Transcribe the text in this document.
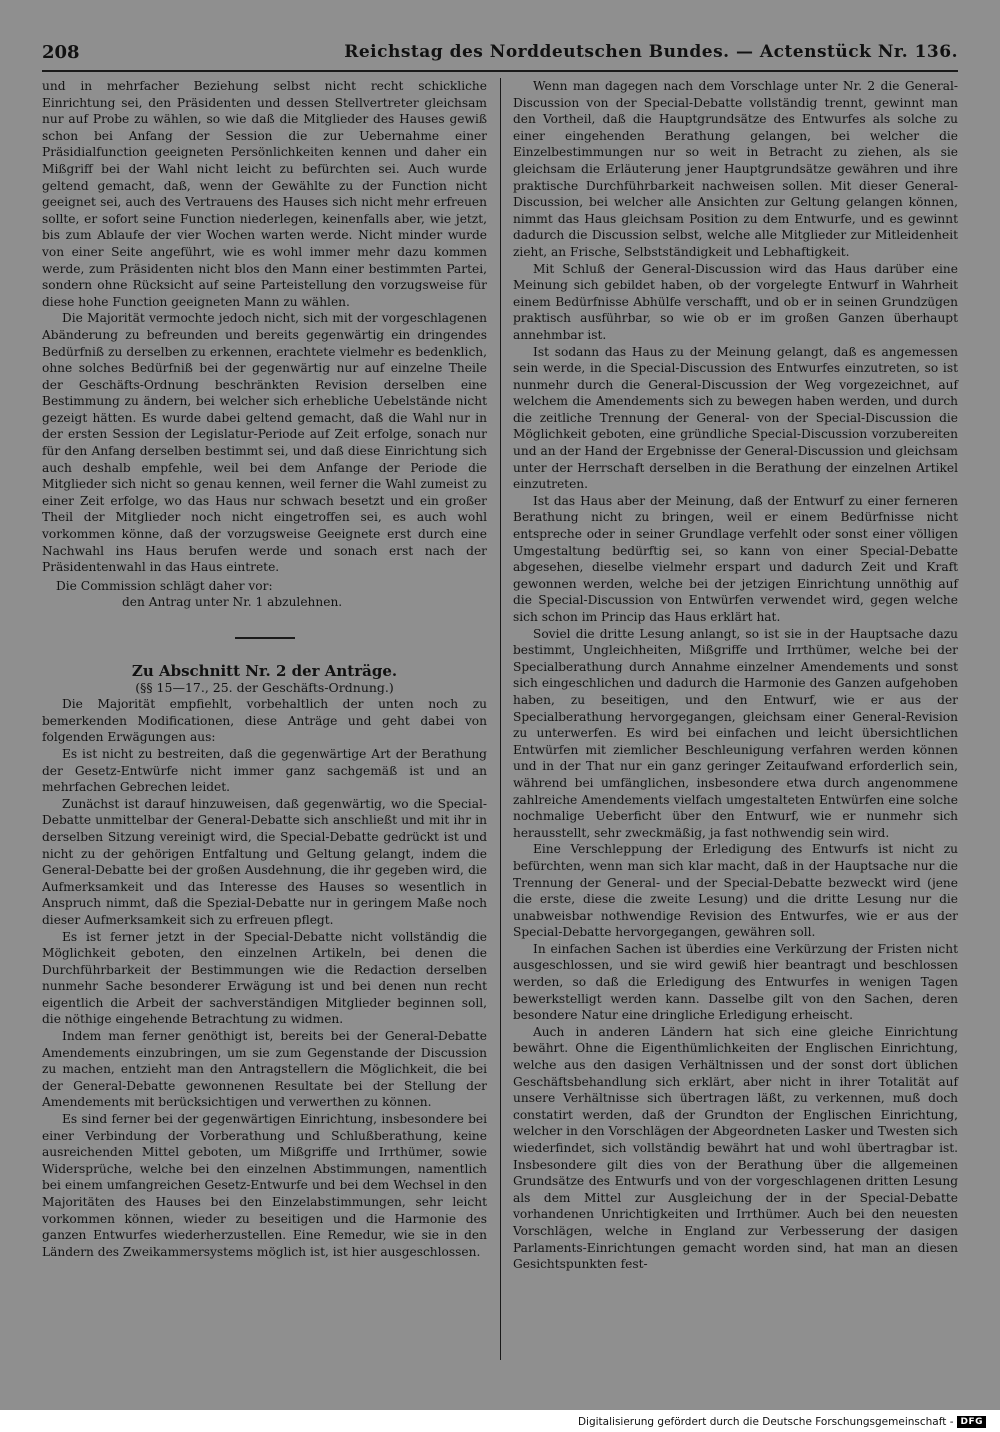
208	Reichstag des Norddeutschen Bundes. — Actenstück Nr. 136.

und in mehrfacher Beziehung selbst nicht recht schickliche Einrichtung sei, den Präsidenten und dessen Stellvertreter gleichsam nur auf Probe zu wählen, so wie daß die Mitglieder des Hauses gewiß schon bei Anfang der Session die zur Uebernahme einer Präsidialfunction geeigneten Persönlichkeiten kennen und daher ein Mißgriff bei der Wahl nicht leicht zu befürchten sei. Auch wurde geltend gemacht, daß, wenn der Gewählte zu der Function nicht geeignet sei, auch des Vertrauens des Hauses sich nicht mehr erfreuen sollte, er sofort seine Function niederlegen, keinenfalls aber, wie jetzt, bis zum Ablaufe der vier Wochen warten werde. Nicht minder wurde von einer Seite angeführt, wie es wohl immer mehr dazu kommen werde, zum Präsidenten nicht blos den Mann einer bestimmten Partei, sondern ohne Rücksicht auf seine Parteistellung den vorzugsweise für diese hohe Function geeigneten Mann zu wählen.

Die Majorität vermochte jedoch nicht, sich mit der vorgeschlagenen Abänderung zu befreunden und bereits gegenwärtig ein dringendes Bedürfniß zu derselben zu erkennen, erachtete vielmehr es bedenklich, ohne solches Bedürfniß bei der gegenwärtig nur auf einzelne Theile der Geschäfts-Ordnung beschränkten Revision derselben eine Bestimmung zu ändern, bei welcher sich erhebliche Uebelstände nicht gezeigt hätten. Es wurde dabei geltend gemacht, daß die Wahl nur in der ersten Session der Legislatur-Periode auf Zeit erfolge, sonach nur für den Anfang derselben bestimmt sei, und daß diese Einrichtung sich auch deshalb empfehle, weil bei dem Anfange der Periode die Mitglieder sich nicht so genau kennen, weil ferner die Wahl zumeist zu einer Zeit erfolge, wo das Haus nur schwach besetzt und ein großer Theil der Mitglieder noch nicht eingetroffen sei, es auch wohl vorkommen könne, daß der vorzugsweise Geeignete erst durch eine Nachwahl ins Haus berufen werde und sonach erst nach der Präsidentenwahl in das Haus eintrete.

Die Commission schlägt daher vor:

den Antrag unter Nr. 1 abzulehnen.

Zu Abschnitt Nr. 2 der Anträge.

(§§ 15—17., 25. der Geschäfts-Ordnung.)

Die Majorität empfiehlt, vorbehaltlich der unten noch zu bemerkenden Modificationen, diese Anträge und geht dabei von folgenden Erwägungen aus:

Es ist nicht zu bestreiten, daß die gegenwärtige Art der Berathung der Gesetz-Entwürfe nicht immer ganz sachgemäß ist und an mehrfachen Gebrechen leidet.

Zunächst ist darauf hinzuweisen, daß gegenwärtig, wo die Special-Debatte unmittelbar der General-Debatte sich anschließt und mit ihr in derselben Sitzung vereinigt wird, die Special-Debatte gedrückt ist und nicht zu der gehörigen Entfaltung und Geltung gelangt, indem die General-Debatte bei der großen Ausdehnung, die ihr gegeben wird, die Aufmerksamkeit und das Interesse des Hauses so wesentlich in Anspruch nimmt, daß die Spezial-Debatte nur in geringem Maße noch dieser Aufmerksamkeit sich zu erfreuen pflegt.

Es ist ferner jetzt in der Special-Debatte nicht vollständig die Möglichkeit geboten, den einzelnen Artikeln, bei denen die Durchführbarkeit der Bestimmungen wie die Redaction derselben nunmehr Sache besonderer Erwägung ist und bei denen nun recht eigentlich die Arbeit der sachverständigen Mitglieder beginnen soll, die nöthige eingehende Betrachtung zu widmen.

Indem man ferner genöthigt ist, bereits bei der General-Debatte Amendements einzubringen, um sie zum Gegenstande der Discussion zu machen, entzieht man den Antragstellern die Möglichkeit, die bei der General-Debatte gewonnenen Resultate bei der Stellung der Amendements mit berücksichtigen und verwerthen zu können.

Es sind ferner bei der gegenwärtigen Einrichtung, insbesondere bei einer Verbindung der Vorberathung und Schlußberathung, keine ausreichenden Mittel geboten, um Mißgriffe und Irrthümer, sowie Widersprüche, welche bei den einzelnen Abstimmungen, namentlich bei einem umfangreichen Gesetz-Entwurfe und bei dem Wechsel in den Majoritäten des Hauses bei den Einzelabstimmungen, sehr leicht vorkommen können, wieder zu beseitigen und die Harmonie des ganzen Entwurfes wiederherzustellen. Eine Remedur, wie sie in den Ländern des Zweikammersystems möglich ist, ist hier ausgeschlossen.

Wenn man dagegen nach dem Vorschlage unter Nr. 2 die General-Discussion von der Special-Debatte vollständig trennt, gewinnt man den Vortheil, daß die Hauptgrundsätze des Entwurfes als solche zu einer eingehenden Berathung gelangen, bei welcher die Einzelbestimmungen nur so weit in Betracht zu ziehen, als sie gleichsam die Erläuterung jener Hauptgrundsätze gewähren und ihre praktische Durchführbarkeit nachweisen sollen. Mit dieser General-Discussion, bei welcher alle Ansichten zur Geltung gelangen können, nimmt das Haus gleichsam Position zu dem Entwurfe, und es gewinnt dadurch die Discussion selbst, welche alle Mitglieder zur Mitleidenheit zieht, an Frische, Selbstständigkeit und Lebhaftigkeit.

Mit Schluß der General-Discussion wird das Haus darüber eine Meinung sich gebildet haben, ob der vorgelegte Entwurf in Wahrheit einem Bedürfnisse Abhülfe verschafft, und ob er in seinen Grundzügen praktisch ausführbar, so wie ob er im großen Ganzen überhaupt annehmbar ist.

Ist sodann das Haus zu der Meinung gelangt, daß es angemessen sein werde, in die Special-Discussion des Entwurfes einzutreten, so ist nunmehr durch die General-Discussion der Weg vorgezeichnet, auf welchem die Amendements sich zu bewegen haben werden, und durch die zeitliche Trennung der General- von der Special-Discussion die Möglichkeit geboten, eine gründliche Special-Discussion vorzubereiten und an der Hand der Ergebnisse der General-Discussion und gleichsam unter der Herrschaft derselben in die Berathung der einzelnen Artikel einzutreten.

Ist das Haus aber der Meinung, daß der Entwurf zu einer ferneren Berathung nicht zu bringen, weil er einem Bedürfnisse nicht entspreche oder in seiner Grundlage verfehlt oder sonst einer völligen Umgestaltung bedürftig sei, so kann von einer Special-Debatte abgesehen, dieselbe vielmehr erspart und dadurch Zeit und Kraft gewonnen werden, welche bei der jetzigen Einrichtung unnöthig auf die Special-Discussion von Entwürfen verwendet wird, gegen welche sich schon im Princip das Haus erklärt hat.

Soviel die dritte Lesung anlangt, so ist sie in der Hauptsache dazu bestimmt, Ungleichheiten, Mißgriffe und Irrthümer, welche bei der Specialberathung durch Annahme einzelner Amendements und sonst sich eingeschlichen und dadurch die Harmonie des Ganzen aufgehoben haben, zu beseitigen, und den Entwurf, wie er aus der Specialberathung hervorgegangen, gleichsam einer General-Revision zu unterwerfen. Es wird bei einfachen und leicht übersichtlichen Entwürfen mit ziemlicher Beschleunigung verfahren werden können und in der That nur ein ganz geringer Zeitaufwand erforderlich sein, während bei umfänglichen, insbesondere etwa durch angenommene zahlreiche Amendements vielfach umgestalteten Entwürfen eine solche nochmalige Ueberficht über den Entwurf, wie er nunmehr sich herausstellt, sehr zweckmäßig, ja fast nothwendig sein wird.

Eine Verschleppung der Erledigung des Entwurfs ist nicht zu befürchten, wenn man sich klar macht, daß in der Hauptsache nur die Trennung der General- und der Special-Debatte bezweckt wird (jene die erste, diese die zweite Lesung) und die dritte Lesung nur die unabweisbar nothwendige Revision des Entwurfes, wie er aus der Special-Debatte hervorgegangen, gewähren soll.

In einfachen Sachen ist überdies eine Verkürzung der Fristen nicht ausgeschlossen, und sie wird gewiß hier beantragt und beschlossen werden, so daß die Erledigung des Entwurfes in wenigen Tagen bewerkstelligt werden kann. Dasselbe gilt von den Sachen, deren besondere Natur eine dringliche Erledigung erheischt.

Auch in anderen Ländern hat sich eine gleiche Einrichtung bewährt. Ohne die Eigenthümlichkeiten der Englischen Einrichtung, welche aus den dasigen Verhältnissen und der sonst dort üblichen Geschäftsbehandlung sich erklärt, aber nicht in ihrer Totalität auf unsere Verhältnisse sich übertragen läßt, zu verkennen, muß doch constatirt werden, daß der Grundton der Englischen Einrichtung, welcher in den Vorschlägen der Abgeordneten Lasker und Twesten sich wiederfindet, sich vollständig bewährt hat und wohl übertragbar ist. Insbesondere gilt dies von der Berathung über die allgemeinen Grundsätze des Entwurfs und von der vorgeschlagenen dritten Lesung als dem Mittel zur Ausgleichung der in der Special-Debatte vorhandenen Unrichtigkeiten und Irrthümer. Auch bei den neuesten Vorschlägen, welche in England zur Verbesserung der dasigen Parlaments-Einrichtungen gemacht worden sind, hat man an diesen Gesichtspunkten fest-

Digitalisierung gefördert durch die Deutsche Forschungsgemeinschaft - DFG
